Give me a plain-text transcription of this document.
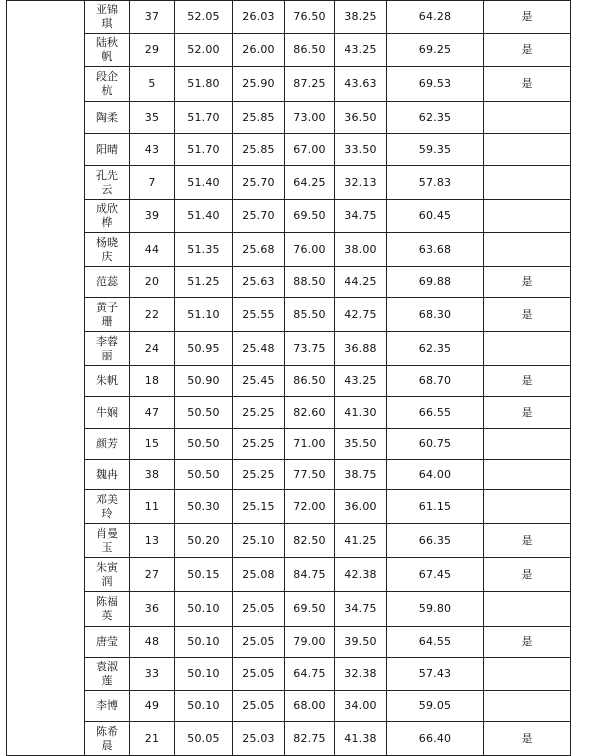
	亚锦琪	37	52.05	26.03	76.50	38.25	64.28	是

	陆秋帆	29	52.00	26.00	86.50	43.25	69.25	是

	段企杭	5	51.80	25.90	87.25	43.63	69.53	是

	陶柔	35	51.70	25.85	73.00	36.50	62.35	

	阳晴	43	51.70	25.85	67.00	33.50	59.35	

	孔先云	7	51.40	25.70	64.25	32.13	57.83	

	成欣桦	39	51.40	25.70	69.50	34.75	60.45	

	杨晓庆	44	51.35	25.68	76.00	38.00	63.68	

	范蕊	20	51.25	25.63	88.50	44.25	69.88	是

	黄子珊	22	51.10	25.55	85.50	42.75	68.30	是

	李蓉丽	24	50.95	25.48	73.75	36.88	62.35	

	朱帆	18	50.90	25.45	86.50	43.25	68.70	是

	牛娴	47	50.50	25.25	82.60	41.30	66.55	是

	颜芳	15	50.50	25.25	71.00	35.50	60.75	

	魏冉	38	50.50	25.25	77.50	38.75	64.00	

	邓美玲	11	50.30	25.15	72.00	36.00	61.15	

	肖曼玉	13	50.20	25.10	82.50	41.25	66.35	是

	朱寅润	27	50.15	25.08	84.75	42.38	67.45	是

	陈福英	36	50.10	25.05	69.50	34.75	59.80	

	唐莹	48	50.10	25.05	79.00	39.50	64.55	是

	袁淑莲	33	50.10	25.05	64.75	32.38	57.43	

	李博	49	50.10	25.05	68.00	34.00	59.05	

	陈希晨	21	50.05	25.03	82.75	41.38	66.40	是
